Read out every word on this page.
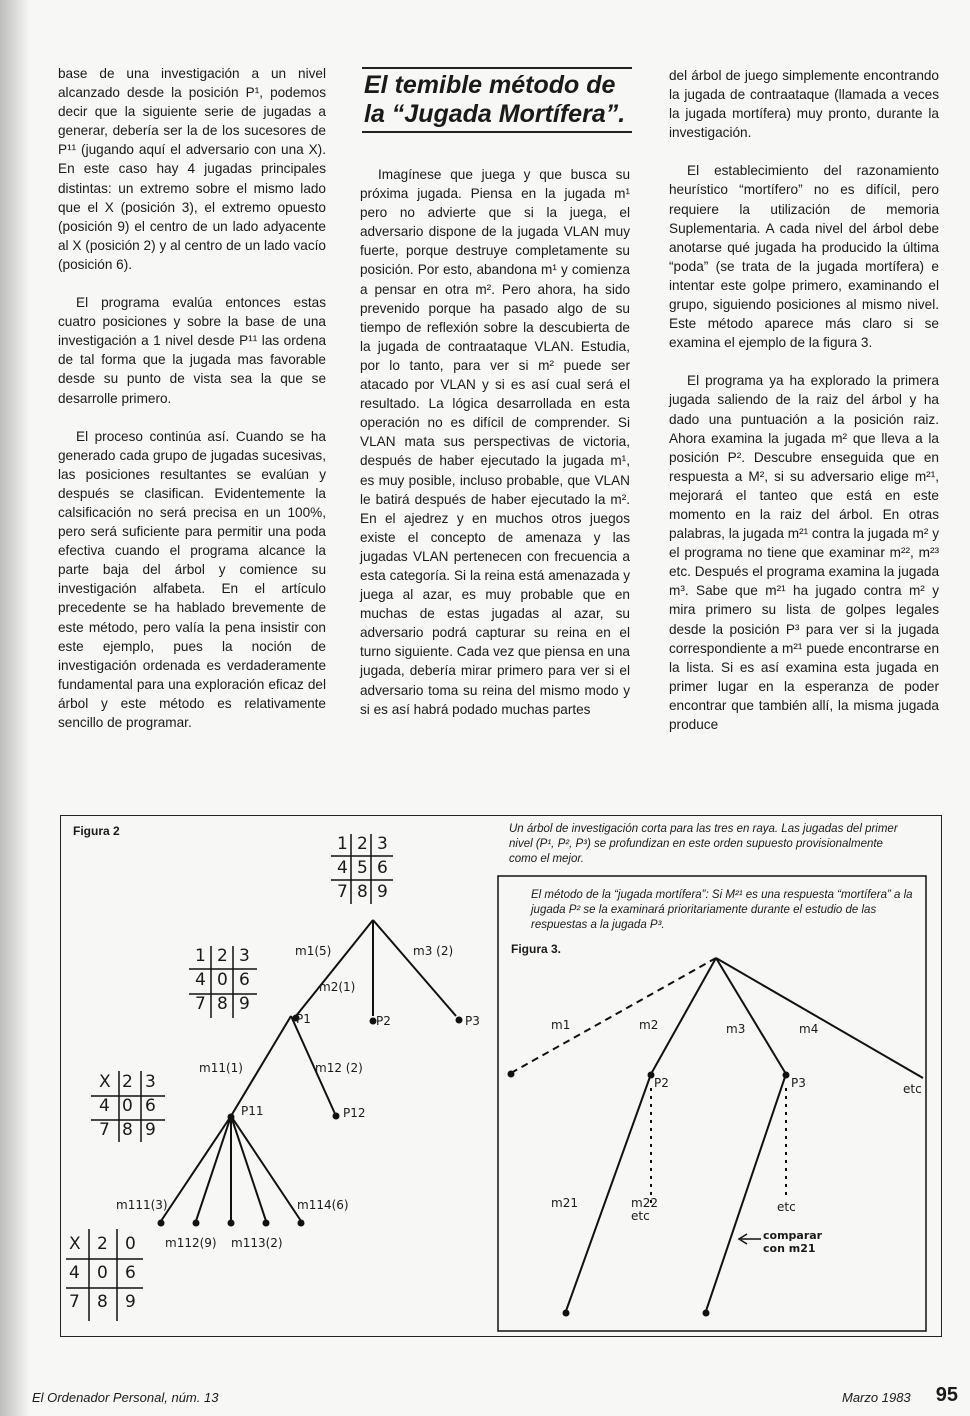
base de una investigación a un nivel alcanzado desde la posición P¹, podemos decir que la siguiente serie de jugadas a generar, debería ser la de los sucesores de P¹¹ (jugando aquí el adversario con una X). En este caso hay 4 jugadas principales distintas: un extremo sobre el mismo lado que el X (posición 3), el extremo opuesto (posición 9) el centro de un lado adyacente al X (posición 2) y al centro de un lado vacío (posición 6).

El programa evalúa entonces estas cuatro posiciones y sobre la base de una investigación a 1 nivel desde P¹¹ las ordena de tal forma que la jugada mas favorable desde su punto de vista sea la que se desarrolle primero.

El proceso continúa así. Cuando se ha generado cada grupo de jugadas sucesivas, las posiciones resultantes se evalúan y después se clasifican. Evidentemente la calsificación no será precisa en un 100%, pero será suficiente para permitir una poda efectiva cuando el programa alcance la parte baja del árbol y comience su investigación alfabeta. En el artículo precedente se ha hablado brevemente de este método, pero valía la pena insistir con este ejemplo, pues la noción de investigación ordenada es verdaderamente fundamental para una exploración eficaz del árbol y este método es relativamente sencillo de programar.

El temible método de la “Jugada Mortífera”.

Imagínese que juega y que busca su próxima jugada. Piensa en la jugada m¹ pero no advierte que si la juega, el adversario dispone de la jugada VLAN muy fuerte, porque destruye completamente su posición. Por esto, abandona m¹ y comienza a pensar en otra m². Pero ahora, ha sido prevenido porque ha pasado algo de su tiempo de reflexión sobre la descubierta de la jugada de contraataque VLAN. Estudia, por lo tanto, para ver si m² puede ser atacado por VLAN y si es así cual será el resultado. La lógica desarrollada en esta operación no es difícil de comprender. Si VLAN mata sus perspectivas de victoria, después de haber ejecutado la jugada m¹, es muy posible, incluso probable, que VLAN le batirá después de haber ejecutado la m². En el ajedrez y en muchos otros juegos existe el concepto de amenaza y las jugadas VLAN pertenecen con frecuencia a esta categoría. Si la reina está amenazada y juega al azar, es muy probable que en muchas de estas jugadas al azar, su adversario podrá capturar su reina en el turno siguiente. Cada vez que piensa en una jugada, debería mirar primero para ver si el adversario toma su reina del mismo modo y si es así habrá podado muchas partes

del árbol de juego simplemente encontrando la jugada de contraataque (llamada a veces la jugada mortífera) muy pronto, durante la investigación.

El establecimiento del razonamiento heurístico “mortífero” no es difícil, pero requiere la utilización de memoria Suplementaria. A cada nivel del árbol debe anotarse qué jugada ha producido la última “poda” (se trata de la jugada mortífera) e intentar este golpe primero, examinando el grupo, siguiendo posiciones al mismo nivel. Este método aparece más claro si se examina el ejemplo de la figura 3.

El programa ya ha explorado la primera jugada saliendo de la raiz del árbol y ha dado una puntuación a la posición raiz. Ahora examina la jugada m² que lleva a la posición P². Descubre enseguida que en respuesta a M², si su adversario elige m²¹, mejorará el tanteo que está en este momento en la raiz del árbol. En otras palabras, la jugada m²¹ contra la jugada m² y el programa no tiene que examinar m²², m²³ etc. Después el programa examina la jugada m³. Sabe que m²¹ ha jugado contra m² y mira primero su lista de golpes legales desde la posición P³ para ver si la jugada correspondiente a m²¹ puede encontrarse en la lista. Si es así examina esta jugada en primer lugar en la esperanza de poder encontrar que también allí, la misma jugada produce

Figura 2	Un árbol de investigación corta para las tres en raya. Las jugadas del primer nivel (P¹, P², P³) se profundizan en este orden supuesto provisionalmente como el mejor.
1 2 3
4 5 6
7 8 9
1 2 3
4 0 6
7 8 9
X 2 3
4 0 6
7 8 9
X 2 0
4 0 6
7 8 9
m1(5)
m2(1)
m3 (2)
P1	P2	P3
m11(1)	m12 (2)
P11	P12
m111(3)
m112(9) m113(2)
m114(6)
El método de la “jugada mortífera”: Si M²¹ es una respuesta “mortífera” a la jugada P² se la examinará prioritariamente durante el estudio de las respuestas a la jugada P³.
Figura 3.
m1	m2	m3	m4
P2	P3	etc
m21	m22
etc
etc
comparar
con m21
El Ordenador Personal, núm. 13	Marzo 1983 95
